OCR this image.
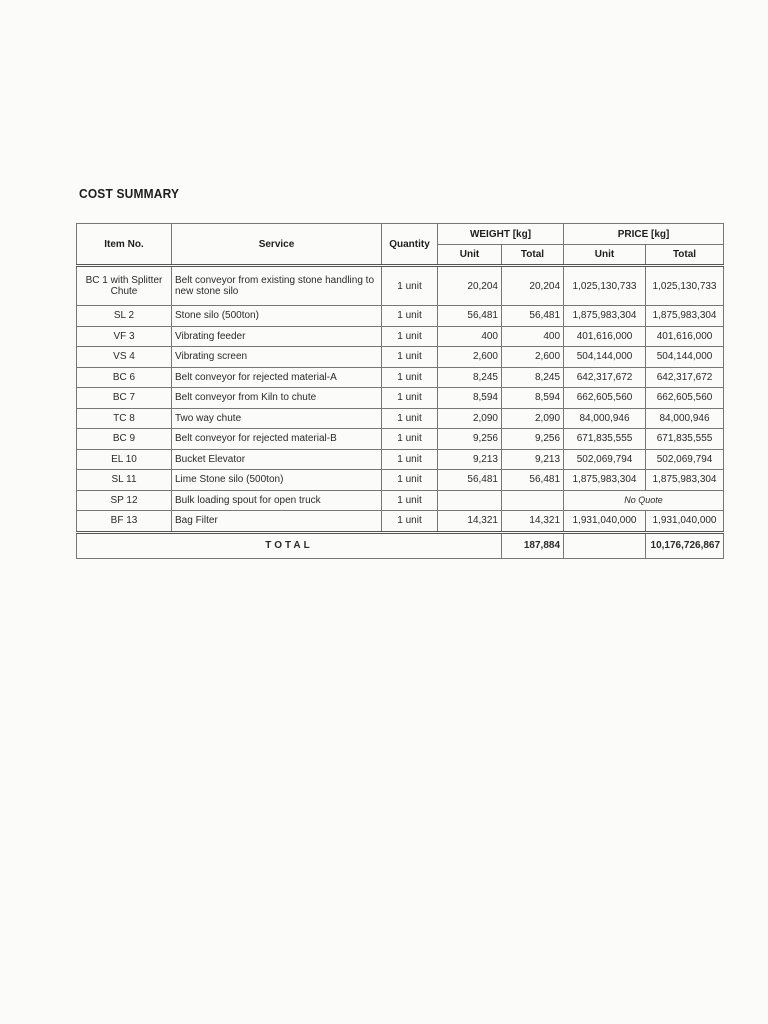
COST SUMMARY
Item No.	Service	Quantity	WEIGHT [kg]		PRICE [kg]	
			Unit	Total	Unit	Total
BC 1 with Splitter Chute	Belt conveyor from existing stone handling to new stone silo	1 unit	20,204	20,204	1,025,130,733	1,025,130,733
SL 2	Stone silo (500ton)	1 unit	56,481	56,481	1,875,983,304	1,875,983,304
VF 3	Vibrating feeder	1 unit	400	400	401,616,000	401,616,000
VS 4	Vibrating screen	1 unit	2,600	2,600	504,144,000	504,144,000
BC 6	Belt conveyor for rejected material-A	1 unit	8,245	8,245	642,317,672	642,317,672
BC 7	Belt conveyor from Kiln to chute	1 unit	8,594	8,594	662,605,560	662,605,560
TC 8	Two way chute	1 unit	2,090	2,090	84,000,946	84,000,946
BC 9	Belt conveyor for rejected material-B	1 unit	9,256	9,256	671,835,555	671,835,555
EL 10	Bucket Elevator	1 unit	9,213	9,213	502,069,794	502,069,794
SL 11	Lime Stone silo (500ton)	1 unit	56,481	56,481	1,875,983,304	1,875,983,304
SP 12	Bulk loading spout for open truck	1 unit			No Quote	
BF 13	Bag Filter	1 unit	14,321	14,321	1,931,040,000	1,931,040,000
TOTAL				187,884		10,176,726,867
